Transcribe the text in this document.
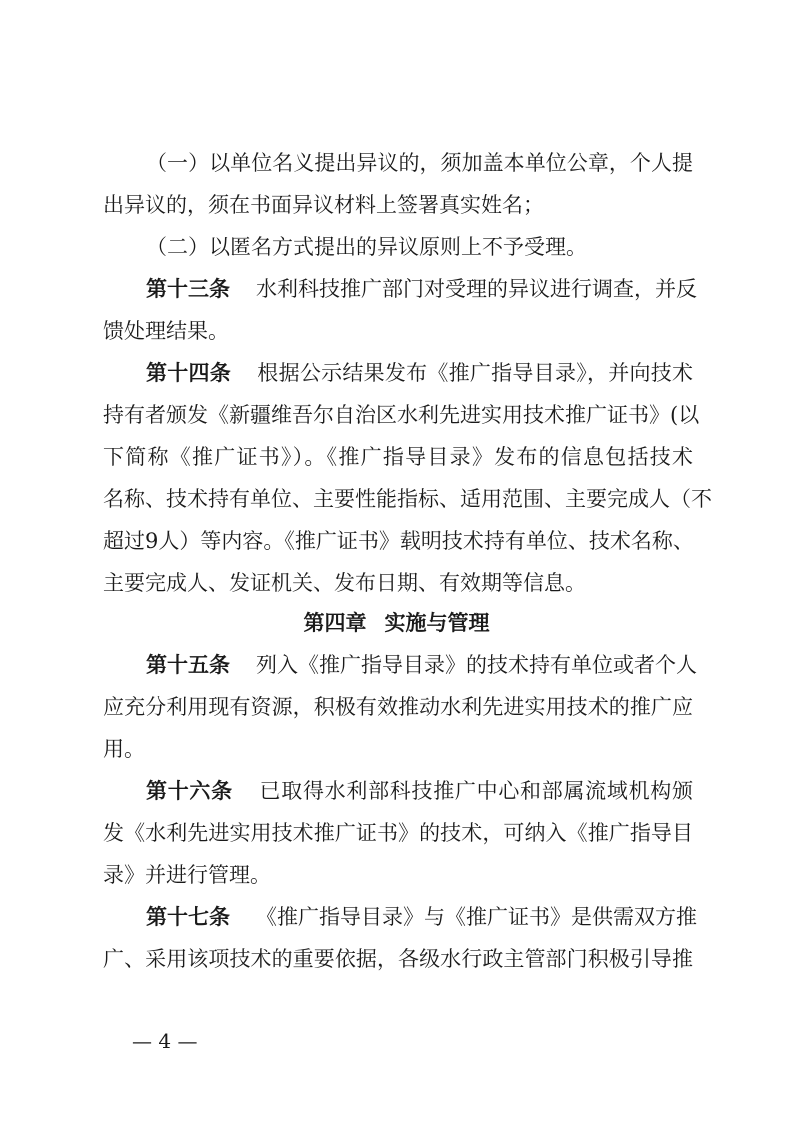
（一）以单位名义提出异议的，须加盖本单位公章，个人提
出异议的，须在书面异议材料上签署真实姓名；
（二）以匿名方式提出的异议原则上不予受理。
第十三条 水利科技推广部门对受理的异议进行调查，并反
馈处理结果。
第十四条 根据公示结果发布《推广指导目录》，并向技术
持有者颁发《新疆维吾尔自治区水利先进实用技术推广证书》(以
下简称《推广证书》）。《推广指导目录》发布的信息包括技术
名称、技术持有单位、主要性能指标、适用范围、主要完成人（不
超过9人）等内容。《推广证书》载明技术持有单位、技术名称、
主要完成人、发证机关、发布日期、有效期等信息。
第四章 实施与管理
第十五条 列入《推广指导目录》的技术持有单位或者个人
应充分利用现有资源，积极有效推动水利先进实用技术的推广应
用。
第十六条 已取得水利部科技推广中心和部属流域机构颁
发《水利先进实用技术推广证书》的技术，可纳入《推广指导目
录》并进行管理。
第十七条 《推广指导目录》与《推广证书》是供需双方推
广、采用该项技术的重要依据，各级水行政主管部门积极引导推
— 4 —
